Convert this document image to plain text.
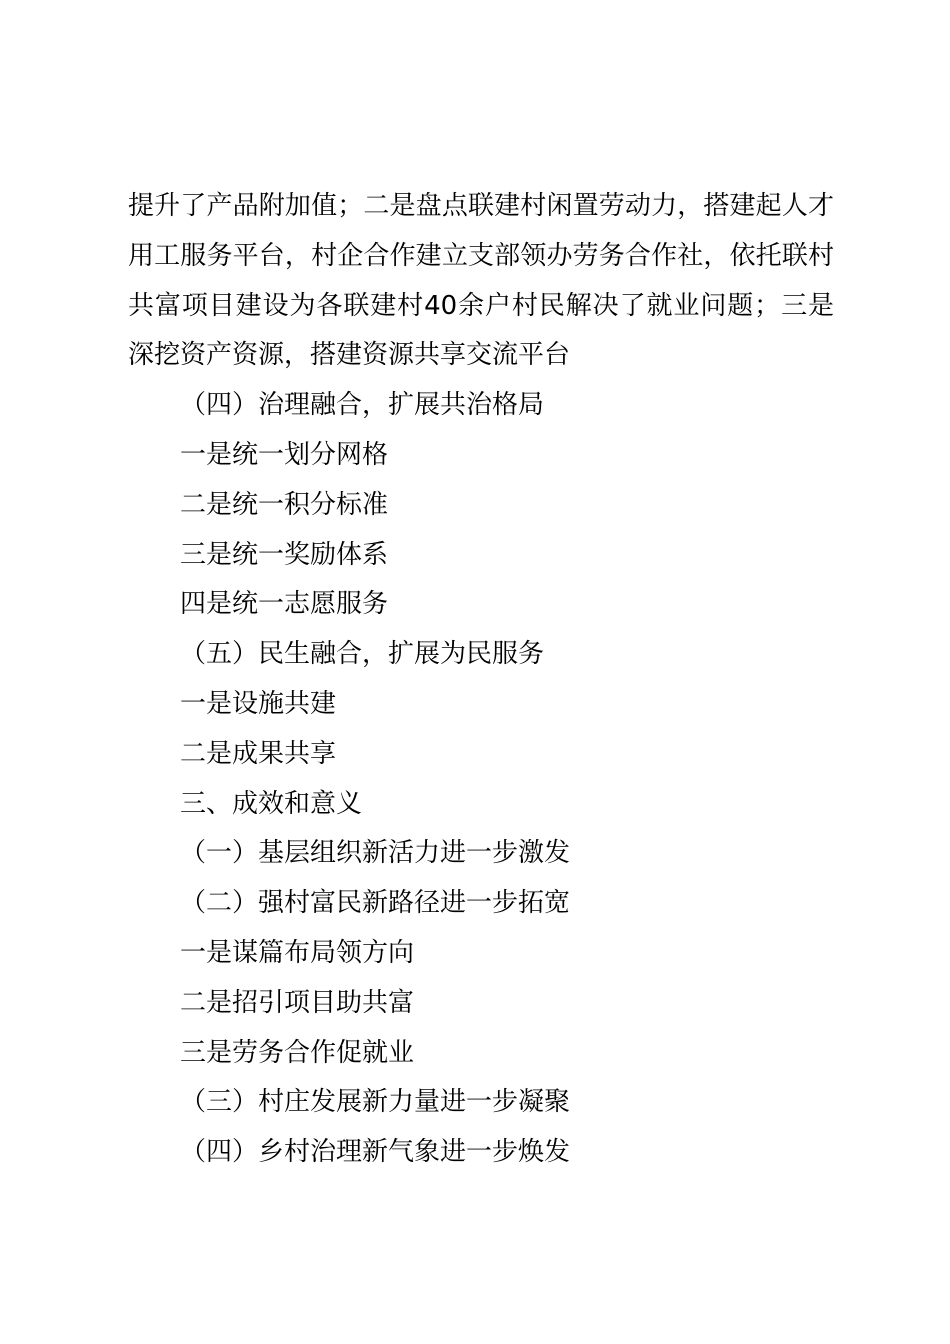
提升了产品附加值；二是盘点联建村闲置劳动力，搭建起人才用工服务平台，村企合作建立支部领办劳务合作社，依托联村共富项目建设为各联建村40余户村民解决了就业问题；三是深挖资产资源，搭建资源共享交流平台

（四）治理融合，扩展共治格局

一是统一划分网格

二是统一积分标准

三是统一奖励体系

四是统一志愿服务

（五）民生融合，扩展为民服务

一是设施共建

二是成果共享

三、成效和意义

（一）基层组织新活力进一步激发

（二）强村富民新路径进一步拓宽

一是谋篇布局领方向

二是招引项目助共富

三是劳务合作促就业

（三）村庄发展新力量进一步凝聚

（四）乡村治理新气象进一步焕发
